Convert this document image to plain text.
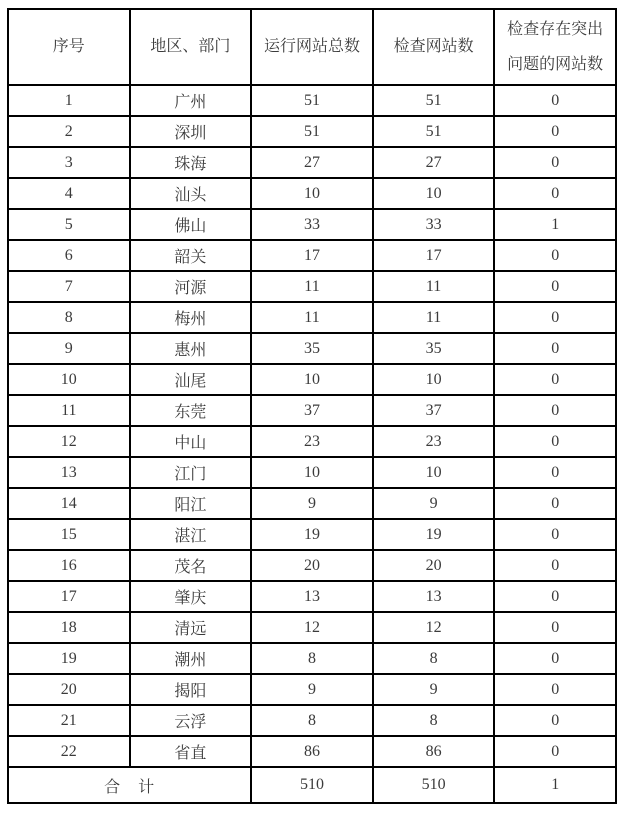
序号	地区、部门	运行网站总数	检查网站数	检查存在突出
问题的网站数

1	广州	51	51	0
2	深圳	51	51	0
3	珠海	27	27	0
4	汕头	10	10	0
5	佛山	33	33	1
6	韶关	17	17	0
7	河源	11	11	0
8	梅州	11	11	0
9	惠州	35	35	0
10	汕尾	10	10	0
11	东莞	37	37	0
12	中山	23	23	0
13	江门	10	10	0
14	阳江	9	9	0
15	湛江	19	19	0
16	茂名	20	20	0
17	肇庆	13	13	0
18	清远	12	12	0
19	潮州	8	8	0
20	揭阳	9	9	0
21	云浮	8	8	0
22	省直	86	86	0
合　计		510	510	1
